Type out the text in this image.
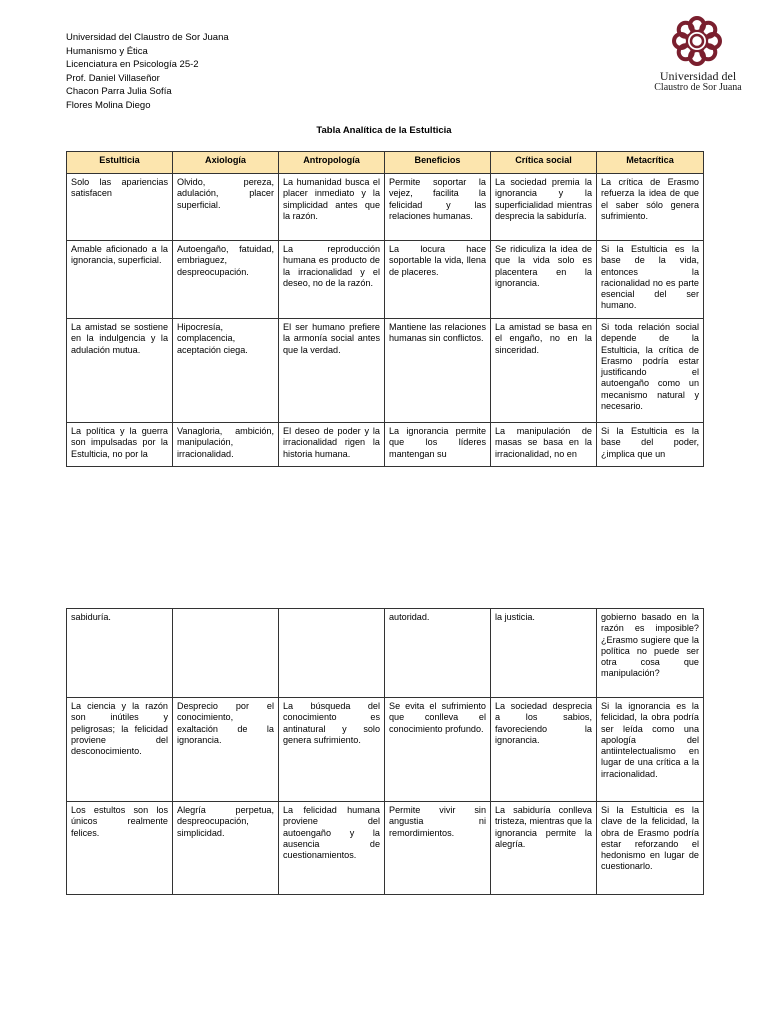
Universidad del Claustro de Sor Juana
Humanismo y Ética
Licenciatura en Psicología 25-2
Prof. Daniel Villaseñor
Chacon Parra Julia Sofía
Flores Molina Diego
Universidad del
Claustro de Sor Juana
Tabla Analítica de la Estulticia
Estulticia	Axiología	Antropología	Beneficios	Crítica social	Metacrítica
Solo las apariencias satisfacen	Olvido, pereza, adulación, placer superficial.	La humanidad busca el placer inmediato y la simplicidad antes que la razón.	Permite soportar la vejez, facilita la felicidad y las relaciones humanas.	La sociedad premia la ignorancia y la superficialidad mientras desprecia la sabiduría.	La crítica de Erasmo refuerza la idea de que el saber sólo genera sufrimiento.
Amable aficionado a la ignorancia, superficial.	Autoengaño, fatuidad, embriaguez, despreocupación.	La reproducción humana es producto de la irracionalidad y el deseo, no de la razón.	La locura hace soportable la vida, llena de placeres.	Se ridiculiza la idea de que la vida solo es placentera en la ignorancia.	Si la Estulticia es la base de la vida, entonces la racionalidad no es parte esencial del ser humano.
La amistad se sostiene en la indulgencia y la adulación mutua.	Hipocresía, complacencia, aceptación ciega.	El ser humano prefiere la armonía social antes que la verdad.	Mantiene las relaciones humanas sin conflictos.	La amistad se basa en el engaño, no en la sinceridad.	Si toda relación social depende de la Estulticia, la crítica de Erasmo podría estar justificando el autoengaño como un mecanismo natural y necesario.
La política y la guerra son impulsadas por la Estulticia, no por la	Vanagloria, ambición, manipulación, irracionalidad.	El deseo de poder y la irracionalidad rigen la historia humana.	La ignorancia permite que los líderes mantengan su	La manipulación de masas se basa en la irracionalidad, no en	Si la Estulticia es la base del poder, ¿implica que un
sabiduría.			autoridad.	la justicia.	gobierno basado en la razón es imposible? ¿Erasmo sugiere que la política no puede ser otra cosa que manipulación?
La ciencia y la razón son inútiles y peligrosas; la felicidad proviene del desconocimiento.	Desprecio por el conocimiento, exaltación de la ignorancia.	La búsqueda del conocimiento es antinatural y solo genera sufrimiento.	Se evita el sufrimiento que conlleva el conocimiento profundo.	La sociedad desprecia a los sabios, favoreciendo la ignorancia.	Si la ignorancia es la felicidad, la obra podría ser leída como una apología del antiintelectualismo en lugar de una crítica a la irracionalidad.
Los estultos son los únicos realmente felices.	Alegría perpetua, despreocupación, simplicidad.	La felicidad humana proviene del autoengaño y la ausencia de cuestionamientos.	Permite vivir sin angustia ni remordimientos.	La sabiduría conlleva tristeza, mientras que la ignorancia permite la alegría.	Si la Estulticia es la clave de la felicidad, la obra de Erasmo podría estar reforzando el hedonismo en lugar de cuestionarlo.
